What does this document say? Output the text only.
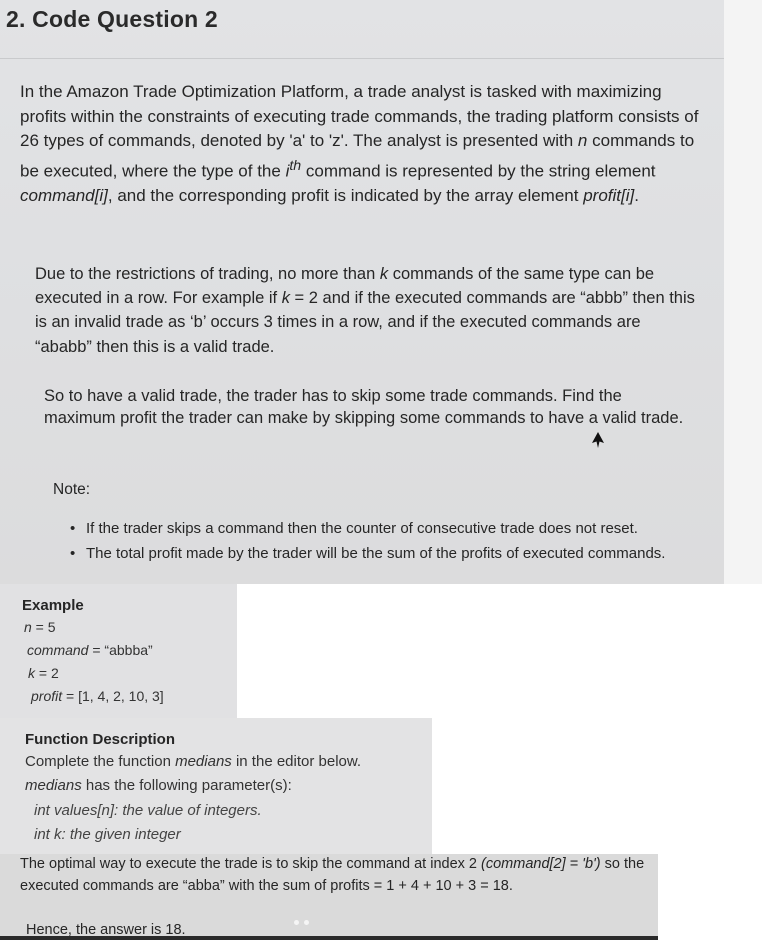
2. Code Question 2

In the Amazon Trade Optimization Platform, a trade analyst is tasked with maximizing profits within the constraints of executing trade commands, the trading platform consists of 26 types of commands, denoted by 'a' to 'z'. The analyst is presented with n commands to be executed, where the type of the $i^{th}$ command is represented by the string element command[i], and the corresponding profit is indicated by the array element profit[i].

Due to the restrictions of trading, no more than k commands of the same type can be executed in a row. For example if k = 2 and if the executed commands are “abbb” then this is an invalid trade as ‘b’ occurs 3 times in a row, and if the executed commands are “ababb” then this is a valid trade.

So to have a valid trade, the trader has to skip some trade commands. Find the maximum profit the trader can make by skipping some commands to have a valid trade.

Note:

• If the trader skips a command then the counter of consecutive trade does not reset.
• The total profit made by the trader will be the sum of the profits of executed commands.

Example

n = 5

command = “abbba”

k = 2

profit = [1, 4, 2, 10, 3]

Function Description

Complete the function medians in the editor below.

medians has the following parameter(s):

int values[n]: the value of integers.

int k: the given integer

The optimal way to execute the trade is to skip the command at index 2 (command[2] = 'b') so the executed commands are “abba” with the sum of profits = 1 + 4 + 10 + 3 = 18.

Hence, the answer is 18.
